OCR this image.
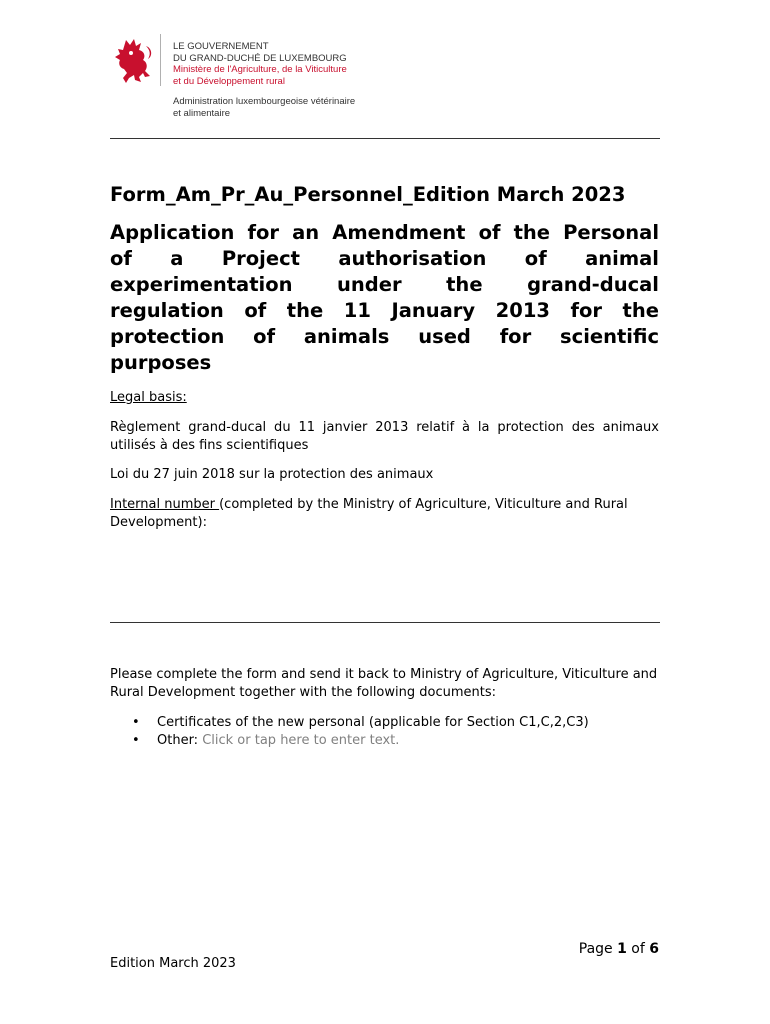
LE GOUVERNEMENT
DU GRAND-DUCHÉ DE LUXEMBOURG
Ministère de l'Agriculture, de la Viticulture
et du Développement rural
Administration luxembourgeoise vétérinaire
et alimentaire
Form_Am_Pr_Au_Personnel_Edition March 2023
Application for an Amendment of the Personal
of a Project authorisation of animal
experimentation under the grand-ducal
regulation of the 11 January 2013 for the
protection of animals used for scientific
purposes
Legal basis:
Règlement grand-ducal du 11 janvier 2013 relatif à la protection des animaux utilisés à des fins scientifiques
Loi du 27 juin 2018 sur la protection des animaux
Internal number (completed by the Ministry of Agriculture, Viticulture and Rural Development):
Please complete the form and send it back to Ministry of Agriculture, Viticulture and Rural Development together with the following documents:
• Certificates of the new personal (applicable for Section C1,C,2,C3)
• Other: Click or tap here to enter text.
Page 1 of 6
Edition March 2023
